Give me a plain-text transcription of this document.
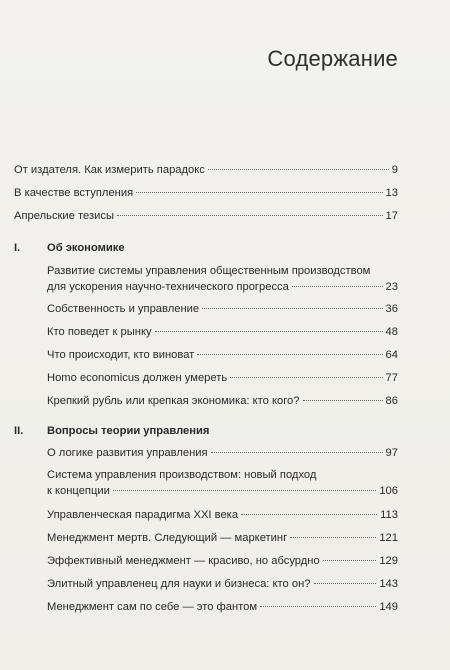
Содержание
От издателя. Как измерить парадокс	9
В качестве вступления	13
Апрельские тезисы	17
I. Об экономике
Развитие системы управления общественным производством
для ускорения научно-технического прогресса	23
Собственность и управление	36
Кто поведет к рынку	48
Что происходит, кто виноват	64
Homo economicus должен умереть	77
Крепкий рубль или крепкая экономика: кто кого?	86
II. Вопросы теории управления
О логике развития управления	97
Система управления производством: новый подход
к концепции	106
Управленческая парадигма XXI века	113
Менеджмент мертв. Следующий — маркетинг	121
Эффективный менеджмент — красиво, но абсурдно	129
Элитный управленец для науки и бизнеса: кто он?	143
Менеджмент сам по себе — это фантом	149
